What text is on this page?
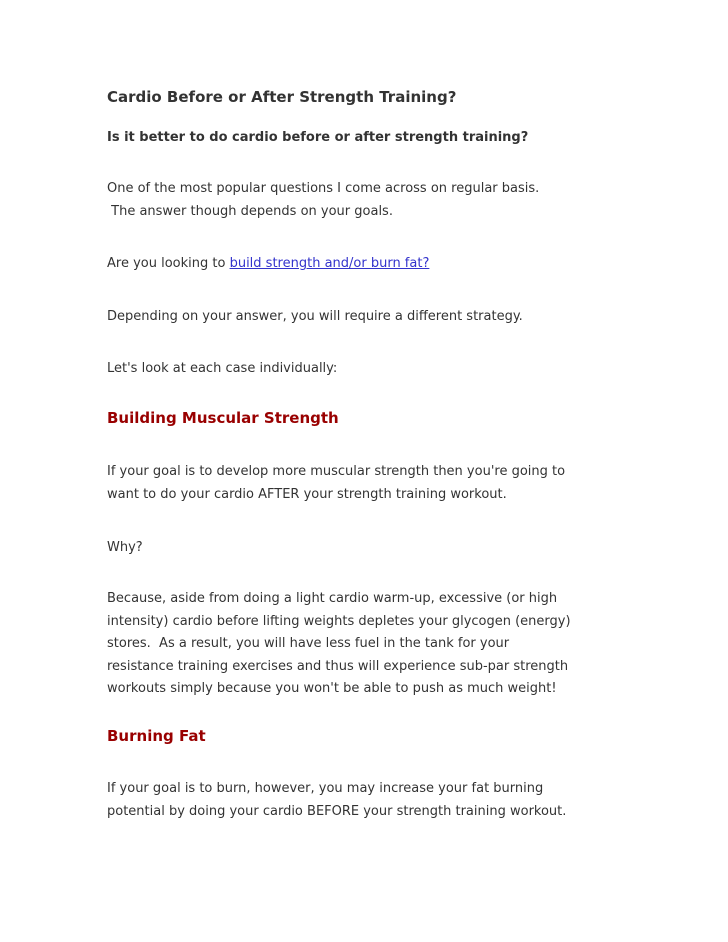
Cardio Before or After Strength Training?
Is it better to do cardio before or after strength training?

One of the most popular questions I come across on regular basis.
The answer though depends on your goals.

Are you looking to build strength and/or burn fat?

Depending on your answer, you will require a different strategy.

Let's look at each case individually:

Building Muscular Strength

If your goal is to develop more muscular strength then you're going to
want to do your cardio AFTER your strength training workout.

Why?

Because, aside from doing a light cardio warm-up, excessive (or high
intensity) cardio before lifting weights depletes your glycogen (energy)
stores.  As a result, you will have less fuel in the tank for your
resistance training exercises and thus will experience sub-par strength
workouts simply because you won't be able to push as much weight!

Burning Fat

If your goal is to burn, however, you may increase your fat burning
potential by doing your cardio BEFORE your strength training workout.
